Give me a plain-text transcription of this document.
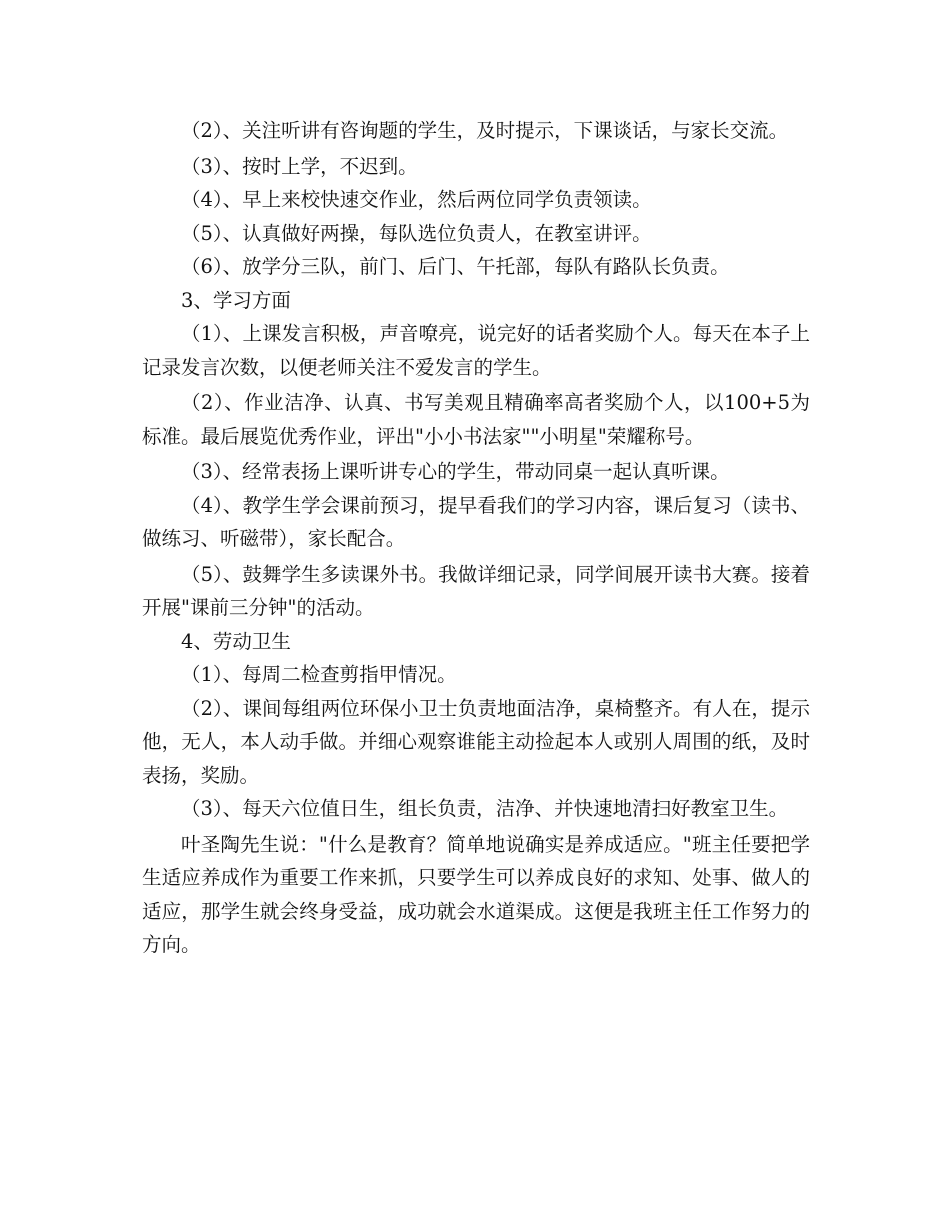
（2）、关注听讲有咨询题的学生，及时提示，下课谈话，与家长交流。

（3）、按时上学，不迟到。

（4）、早上来校快速交作业，然后两位同学负责领读。

（5）、认真做好两操，每队选位负责人，在教室讲评。

（6）、放学分三队，前门、后门、午托部，每队有路队长负责。

3、学习方面

（1）、上课发言积极，声音嘹亮，说完好的话者奖励个人。每天在本子上记录发言次数，以便老师关注不爱发言的学生。

（2）、作业洁净、认真、书写美观且精确率高者奖励个人，以100+5为标准。最后展览优秀作业，评出"小小书法家""小明星"荣耀称号。

（3）、经常表扬上课听讲专心的学生，带动同桌一起认真听课。

（4）、教学生学会课前预习，提早看我们的学习内容，课后复习（读书、做练习、听磁带），家长配合。

（5）、鼓舞学生多读课外书。我做详细记录，同学间展开读书大赛。接着开展"课前三分钟"的活动。

4、劳动卫生

（1）、每周二检查剪指甲情况。

（2）、课间每组两位环保小卫士负责地面洁净，桌椅整齐。有人在，提示他，无人，本人动手做。并细心观察谁能主动捡起本人或别人周围的纸，及时表扬，奖励。

（3）、每天六位值日生，组长负责，洁净、并快速地清扫好教室卫生。

叶圣陶先生说："什么是教育？简单地说确实是养成适应。"班主任要把学生适应养成作为重要工作来抓，只要学生可以养成良好的求知、处事、做人的适应，那学生就会终身受益，成功就会水道渠成。这便是我班主任工作努力的方向。
